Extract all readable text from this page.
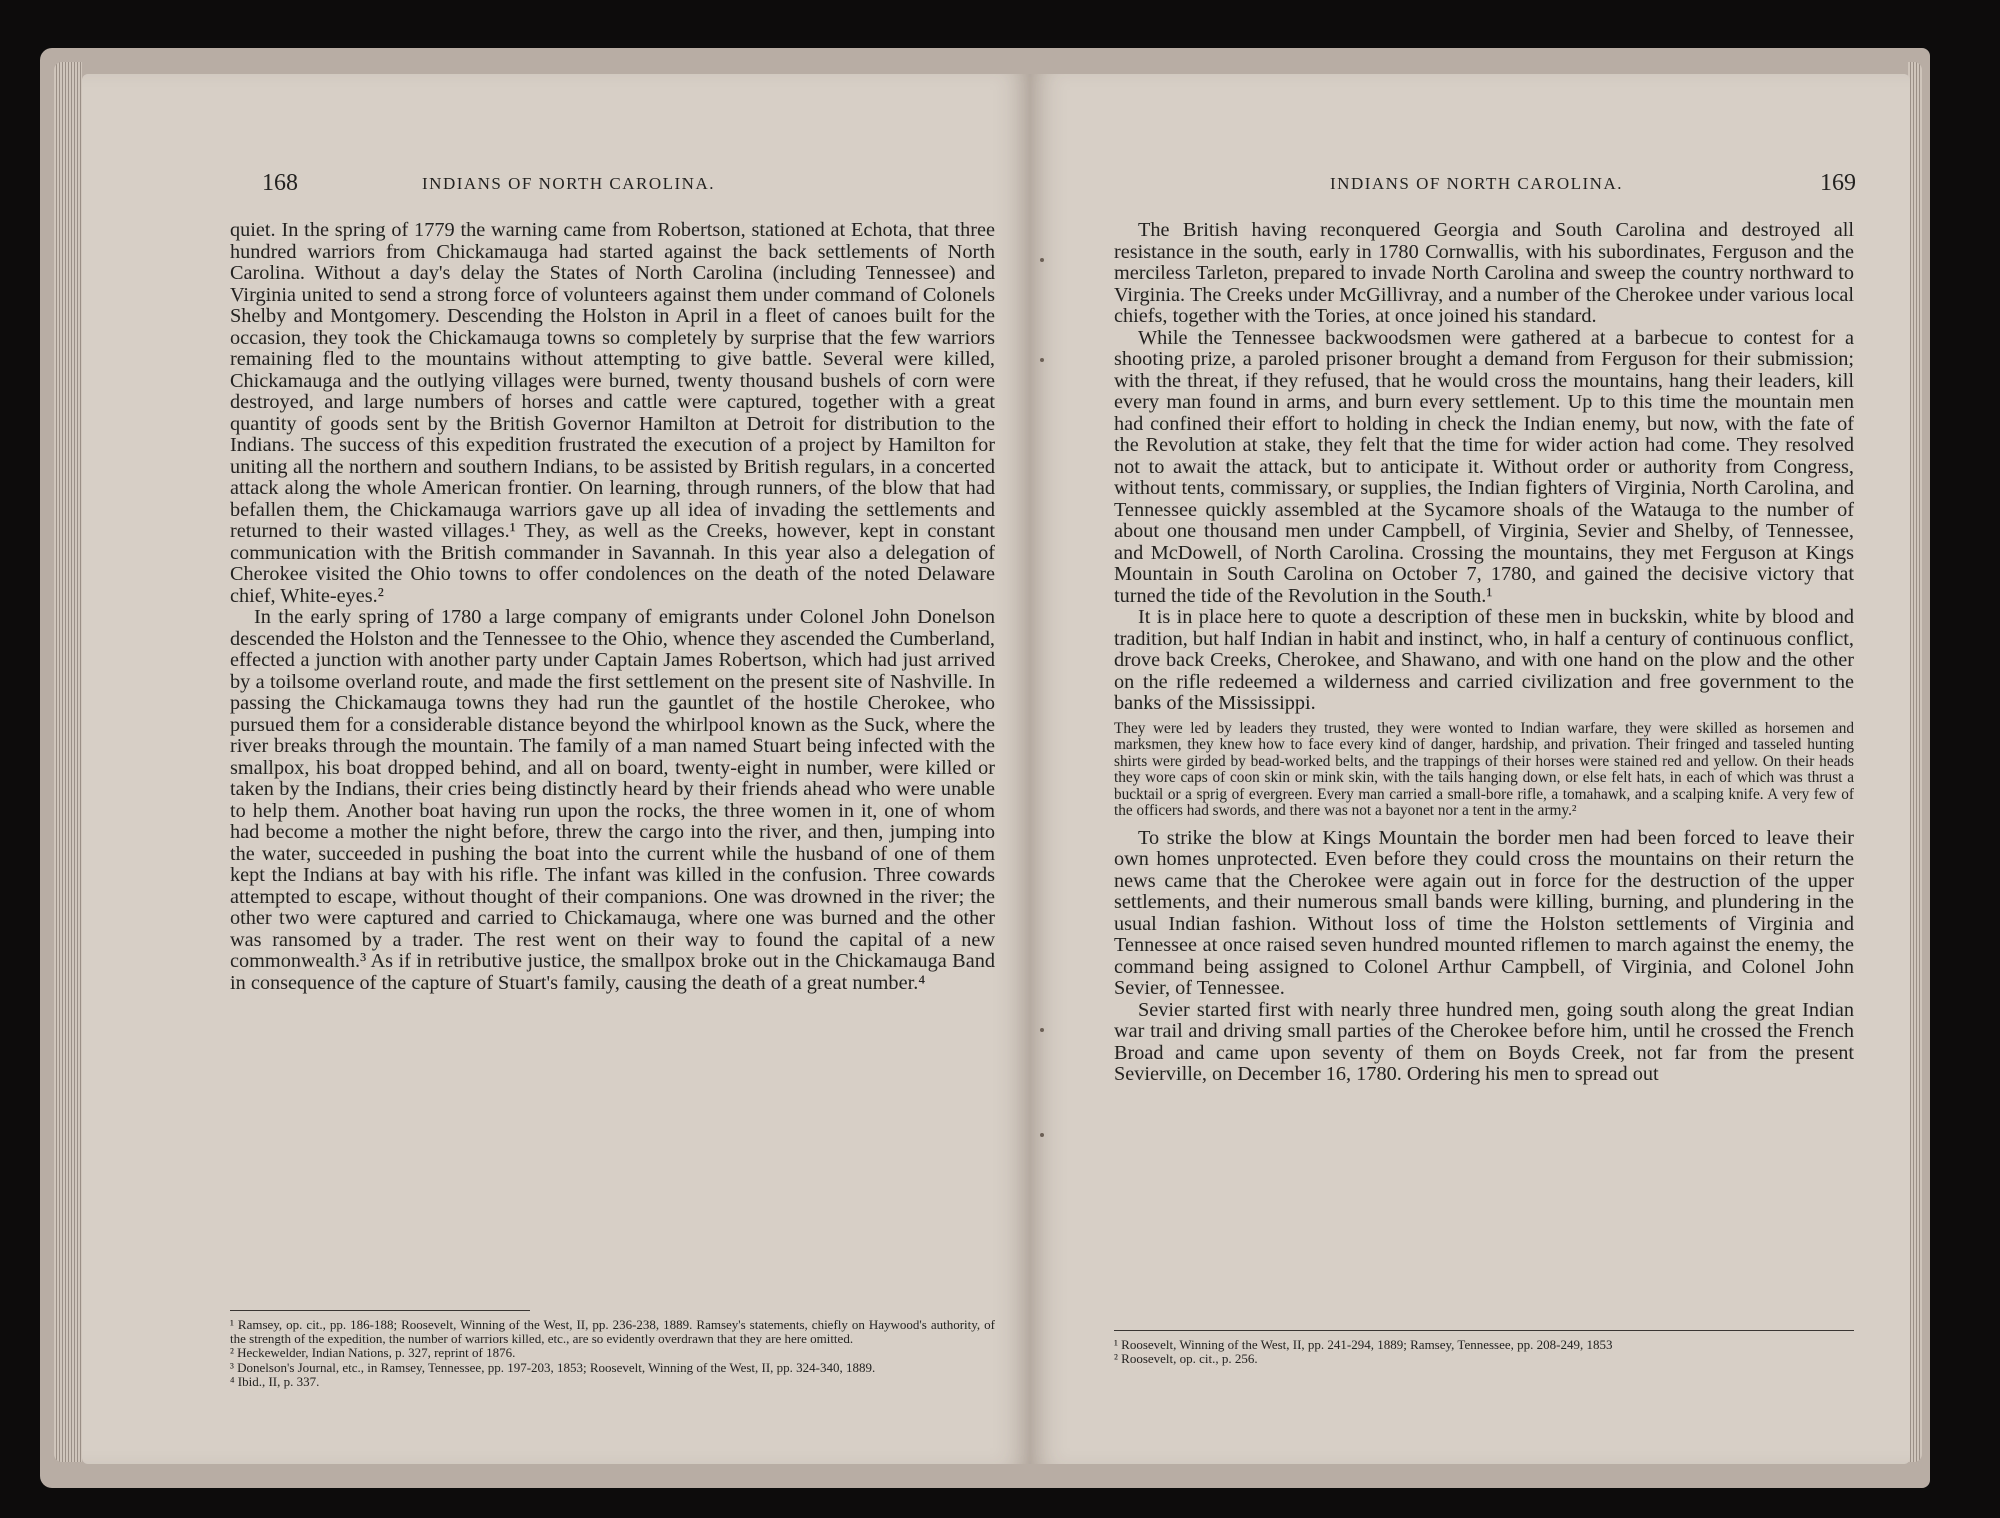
168	INDIANS OF NORTH CAROLINA.

quiet. In the spring of 1779 the warning came from Robertson, stationed at Echota, that three hundred warriors from Chickamauga had started against the back settlements of North Carolina. Without a day's delay the States of North Carolina (including Tennessee) and Virginia united to send a strong force of volunteers against them under command of Colonels Shelby and Montgomery. Descending the Holston in April in a fleet of canoes built for the occasion, they took the Chickamauga towns so completely by surprise that the few warriors remaining fled to the mountains without attempting to give battle. Several were killed, Chickamauga and the outlying villages were burned, twenty thousand bushels of corn were destroyed, and large numbers of horses and cattle were captured, together with a great quantity of goods sent by the British Governor Hamilton at Detroit for distribution to the Indians. The success of this expedition frustrated the execution of a project by Hamilton for uniting all the northern and southern Indians, to be assisted by British regulars, in a concerted attack along the whole American frontier. On learning, through runners, of the blow that had befallen them, the Chickamauga warriors gave up all idea of invading the settlements and returned to their wasted villages.¹ They, as well as the Creeks, however, kept in constant communication with the British commander in Savannah. In this year also a delegation of Cherokee visited the Ohio towns to offer condolences on the death of the noted Delaware chief, White-eyes.²

In the early spring of 1780 a large company of emigrants under Colonel John Donelson descended the Holston and the Tennessee to the Ohio, whence they ascended the Cumberland, effected a junction with another party under Captain James Robertson, which had just arrived by a toilsome overland route, and made the first settlement on the present site of Nashville. In passing the Chickamauga towns they had run the gauntlet of the hostile Cherokee, who pursued them for a considerable distance beyond the whirlpool known as the Suck, where the river breaks through the mountain. The family of a man named Stuart being infected with the smallpox, his boat dropped behind, and all on board, twenty-eight in number, were killed or taken by the Indians, their cries being distinctly heard by their friends ahead who were unable to help them. Another boat having run upon the rocks, the three women in it, one of whom had become a mother the night before, threw the cargo into the river, and then, jumping into the water, succeeded in pushing the boat into the current while the husband of one of them kept the Indians at bay with his rifle. The infant was killed in the confusion. Three cowards attempted to escape, without thought of their companions. One was drowned in the river; the other two were captured and carried to Chickamauga, where one was burned and the other was ransomed by a trader. The rest went on their way to found the capital of a new commonwealth.³ As if in retributive justice, the smallpox broke out in the Chickamauga Band in consequence of the capture of Stuart's family, causing the death of a great number.⁴

¹ Ramsey, op. cit., pp. 186-188; Roosevelt, Winning of the West, II, pp. 236-238, 1889. Ramsey's statements, chiefly on Haywood's authority, of the strength of the expedition, the number of warriors killed, etc., are so evidently overdrawn that they are here omitted.
² Heckewelder, Indian Nations, p. 327, reprint of 1876.
³ Donelson's Journal, etc., in Ramsey, Tennessee, pp. 197-203, 1853; Roosevelt, Winning of the West, II, pp. 324-340, 1889.
⁴ Ibid., II, p. 337.
INDIANS OF NORTH CAROLINA.	169

The British having reconquered Georgia and South Carolina and destroyed all resistance in the south, early in 1780 Cornwallis, with his subordinates, Ferguson and the merciless Tarleton, prepared to invade North Carolina and sweep the country northward to Virginia. The Creeks under McGillivray, and a number of the Cherokee under various local chiefs, together with the Tories, at once joined his standard.

While the Tennessee backwoodsmen were gathered at a barbecue to contest for a shooting prize, a paroled prisoner brought a demand from Ferguson for their submission; with the threat, if they refused, that he would cross the mountains, hang their leaders, kill every man found in arms, and burn every settlement. Up to this time the mountain men had confined their effort to holding in check the Indian enemy, but now, with the fate of the Revolution at stake, they felt that the time for wider action had come. They resolved not to await the attack, but to anticipate it. Without order or authority from Congress, without tents, commissary, or supplies, the Indian fighters of Virginia, North Carolina, and Tennessee quickly assembled at the Sycamore shoals of the Watauga to the number of about one thousand men under Campbell, of Virginia, Sevier and Shelby, of Tennessee, and McDowell, of North Carolina. Crossing the mountains, they met Ferguson at Kings Mountain in South Carolina on October 7, 1780, and gained the decisive victory that turned the tide of the Revolution in the South.¹

It is in place here to quote a description of these men in buckskin, white by blood and tradition, but half Indian in habit and instinct, who, in half a century of continuous conflict, drove back Creeks, Cherokee, and Shawano, and with one hand on the plow and the other on the rifle redeemed a wilderness and carried civilization and free government to the banks of the Mississippi.

They were led by leaders they trusted, they were wonted to Indian warfare, they were skilled as horsemen and marksmen, they knew how to face every kind of danger, hardship, and privation. Their fringed and tasseled hunting shirts were girded by bead-worked belts, and the trappings of their horses were stained red and yellow. On their heads they wore caps of coon skin or mink skin, with the tails hanging down, or else felt hats, in each of which was thrust a bucktail or a sprig of evergreen. Every man carried a small-bore rifle, a tomahawk, and a scalping knife. A very few of the officers had swords, and there was not a bayonet nor a tent in the army.²

To strike the blow at Kings Mountain the border men had been forced to leave their own homes unprotected. Even before they could cross the mountains on their return the news came that the Cherokee were again out in force for the destruction of the upper settlements, and their numerous small bands were killing, burning, and plundering in the usual Indian fashion. Without loss of time the Holston settlements of Virginia and Tennessee at once raised seven hundred mounted riflemen to march against the enemy, the command being assigned to Colonel Arthur Campbell, of Virginia, and Colonel John Sevier, of Tennessee.

Sevier started first with nearly three hundred men, going south along the great Indian war trail and driving small parties of the Cherokee before him, until he crossed the French Broad and came upon seventy of them on Boyds Creek, not far from the present Sevierville, on December 16, 1780. Ordering his men to spread out

¹ Roosevelt, Winning of the West, II, pp. 241-294, 1889; Ramsey, Tennessee, pp. 208-249, 1853
² Roosevelt, op. cit., p. 256.
